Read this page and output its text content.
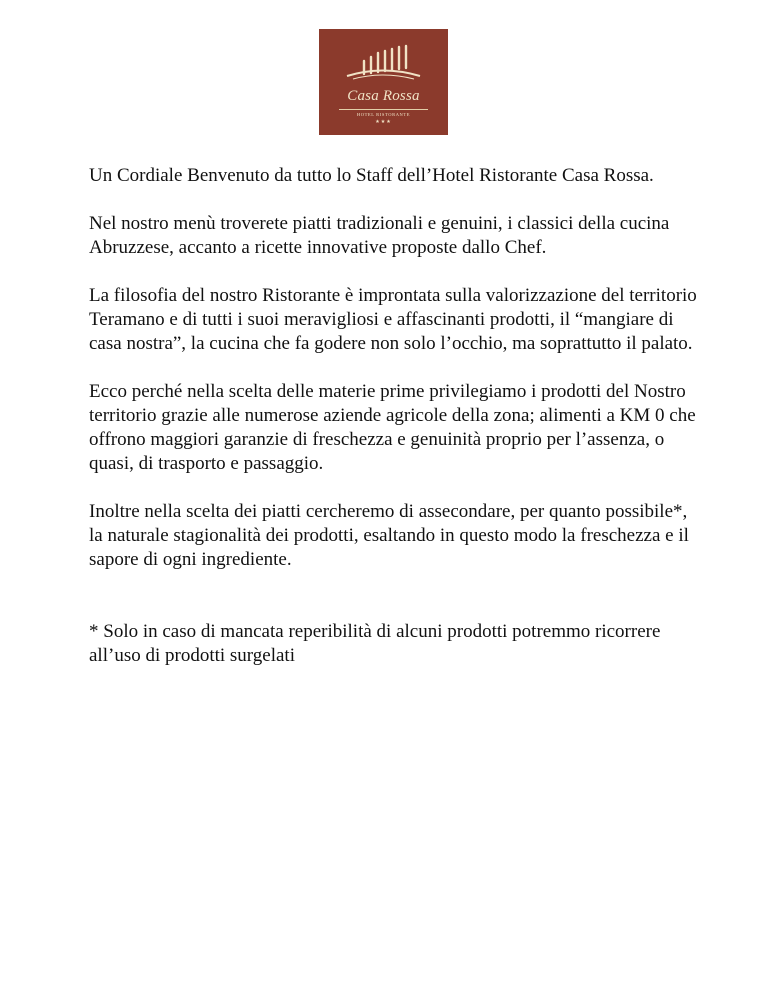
Casa Rossa
HOTEL RISTORANTE
★★★

Un Cordiale Benvenuto da tutto lo Staff dell’Hotel Ristorante Casa Rossa.

Nel nostro menù troverete piatti tradizionali e genuini, i classici della cucina Abruzzese, accanto a ricette innovative proposte dallo Chef.

La filosofia del nostro Ristorante è improntata sulla valorizzazione del territorio Teramano e di tutti i suoi meravigliosi e affascinanti prodotti, il “mangiare di casa nostra”, la cucina che fa godere non solo l’occhio, ma soprattutto il palato.

Ecco perché nella scelta delle materie prime privilegiamo i prodotti del Nostro territorio grazie alle numerose aziende agricole della zona; alimenti a KM 0 che offrono maggiori garanzie di freschezza e genuinità proprio per l’assenza, o quasi, di trasporto e passaggio.

Inoltre nella scelta dei piatti cercheremo di assecondare, per quanto possibile*, la naturale stagionalità dei prodotti, esaltando in questo modo la freschezza e il sapore di ogni ingrediente.

* Solo in caso di mancata reperibilità di alcuni prodotti potremmo ricorrere all’uso di prodotti surgelati
